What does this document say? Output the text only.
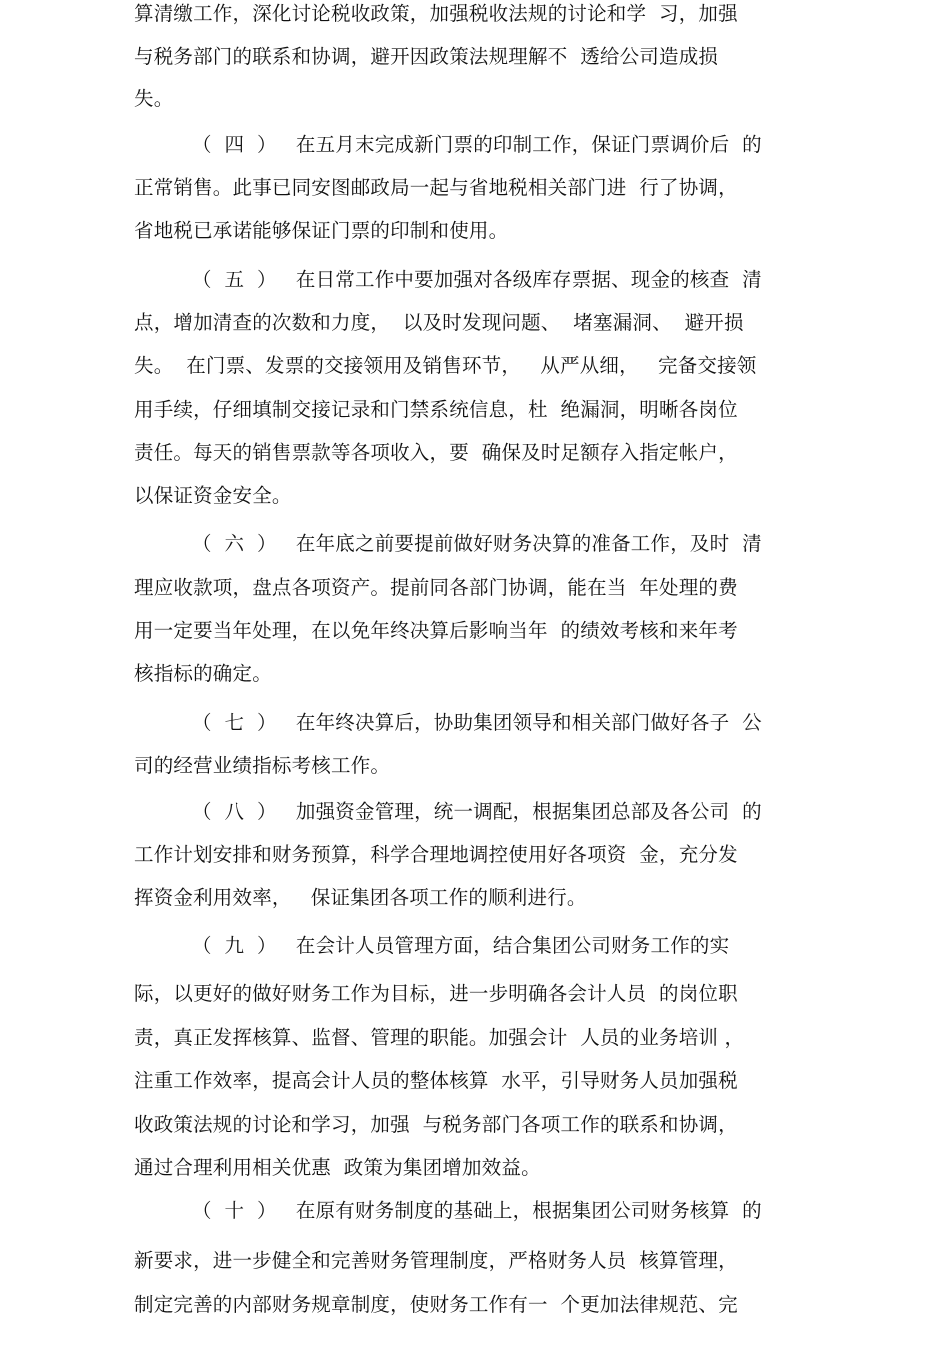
算清缴工作，深化讨论税收政策，加强税收法规的讨论和学  习，加强
与税务部门的联系和协调，避开因政策法规理解不  透给公司造成损
失。
（  四  ）   在五月末完成新门票的印制工作，保证门票调价后  的
正常销售。此事已同安图邮政局一起与省地税相关部门进  行了协调，
省地税已承诺能够保证门票的印制和使用。
（  五  ）   在日常工作中要加强对各级库存票据、现金的核查  清
点，增加清查的次数和力度，  以及时发现问题、  堵塞漏洞、  避开损
失。  在门票、发票的交接领用及销售环节，   从严从细，   完备交接领
用手续，仔细填制交接记录和门禁系统信息，杜  绝漏洞，明晰各岗位
责任。每天的销售票款等各项收入，要  确保及时足额存入指定帐户，
以保证资金安全。
（  六  ）   在年底之前要提前做好财务决算的准备工作，及时  清
理应收款项，盘点各项资产。提前同各部门协调，能在当  年处理的费
用一定要当年处理，在以免年终决算后影响当年  的绩效考核和来年考
核指标的确定。
（  七  ）   在年终决算后，协助集团领导和相关部门做好各子  公
司的经营业绩指标考核工作。
（  八  ）   加强资金管理，统一调配，根据集团总部及各公司  的
工作计划安排和财务预算，科学合理地调控使用好各项资  金，充分发
挥资金利用效率，   保证集团各项工作的顺利进行。
（  九  ）   在会计人员管理方面，结合集团公司财务工作的实
际，以更好的做好财务工作为目标，进一步明确各会计人员  的岗位职
责，真正发挥核算、监督、管理的职能。加强会计  人员的业务培训 ，
注重工作效率，提高会计人员的整体核算  水平，引导财务人员加强税
收政策法规的讨论和学习，加强  与税务部门各项工作的联系和协调，
通过合理利用相关优惠  政策为集团增加效益。
（  十  ）   在原有财务制度的基础上，根据集团公司财务核算  的
新要求，进一步健全和完善财务管理制度，严格财务人员  核算管理，
制定完善的内部财务规章制度，使财务工作有一  个更加法律规范、完
